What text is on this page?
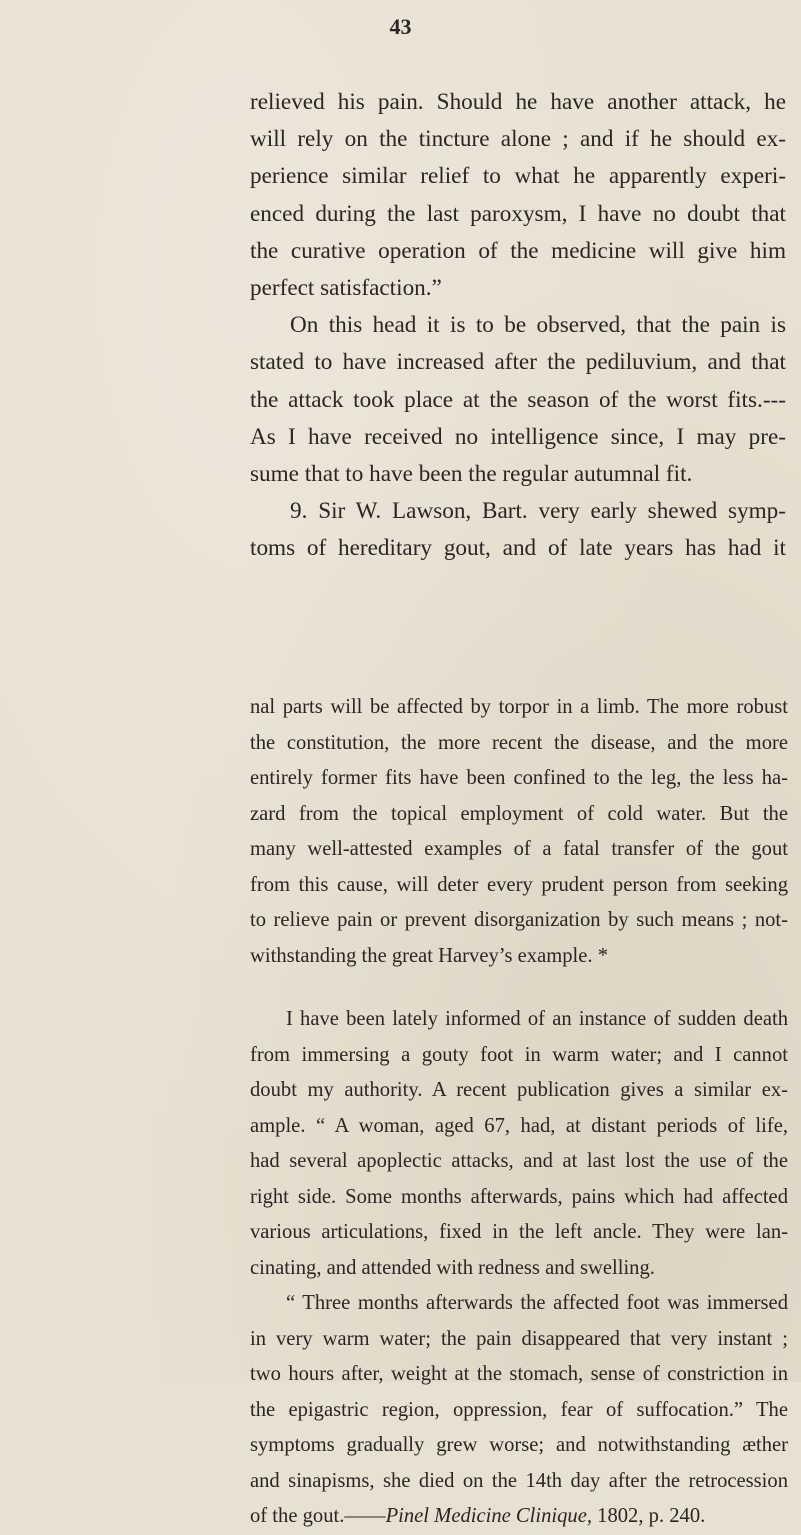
43
relieved his pain. Should he have another attack, he
will rely on the tincture alone ; and if he should ex-
perience similar relief to what he apparently experi-
enced during the last paroxysm, I have no doubt that
the curative operation of the medicine will give him
perfect satisfaction.”
On this head it is to be observed, that the pain is
stated to have increased after the pediluvium, and that
the attack took place at the season of the worst fits.---
As I have received no intelligence since, I may pre-
sume that to have been the regular autumnal fit.
9. Sir W. Lawson, Bart. very early shewed symp-
toms of hereditary gout, and of late years has had it
nal parts will be affected by torpor in a limb. The more robust
the constitution, the more recent the disease, and the more
entirely former fits have been confined to the leg, the less ha-
zard from the topical employment of cold water. But the
many well-attested examples of a fatal transfer of the gout
from this cause, will deter every prudent person from seeking
to relieve pain or prevent disorganization by such means ; not-
withstanding the great Harvey’s example. *
I have been lately informed of an instance of sudden death
from immersing a gouty foot in warm water; and I cannot
doubt my authority. A recent publication gives a similar ex-
ample. “ A woman, aged 67, had, at distant periods of life,
had several apoplectic attacks, and at last lost the use of the
right side. Some months afterwards, pains which had affected
various articulations, fixed in the left ancle. They were lan-
cinating, and attended with redness and swelling.
“ Three months afterwards the affected foot was immersed
in very warm water; the pain disappeared that very instant ;
two hours after, weight at the stomach, sense of constriction in
the epigastric region, oppression, fear of suffocation.” The
symptoms gradually grew worse; and notwithstanding æther
and sinapisms, she died on the 14th day after the retrocession
of the gout.——Pinel Medicine Clinique, 1802, p. 240.
